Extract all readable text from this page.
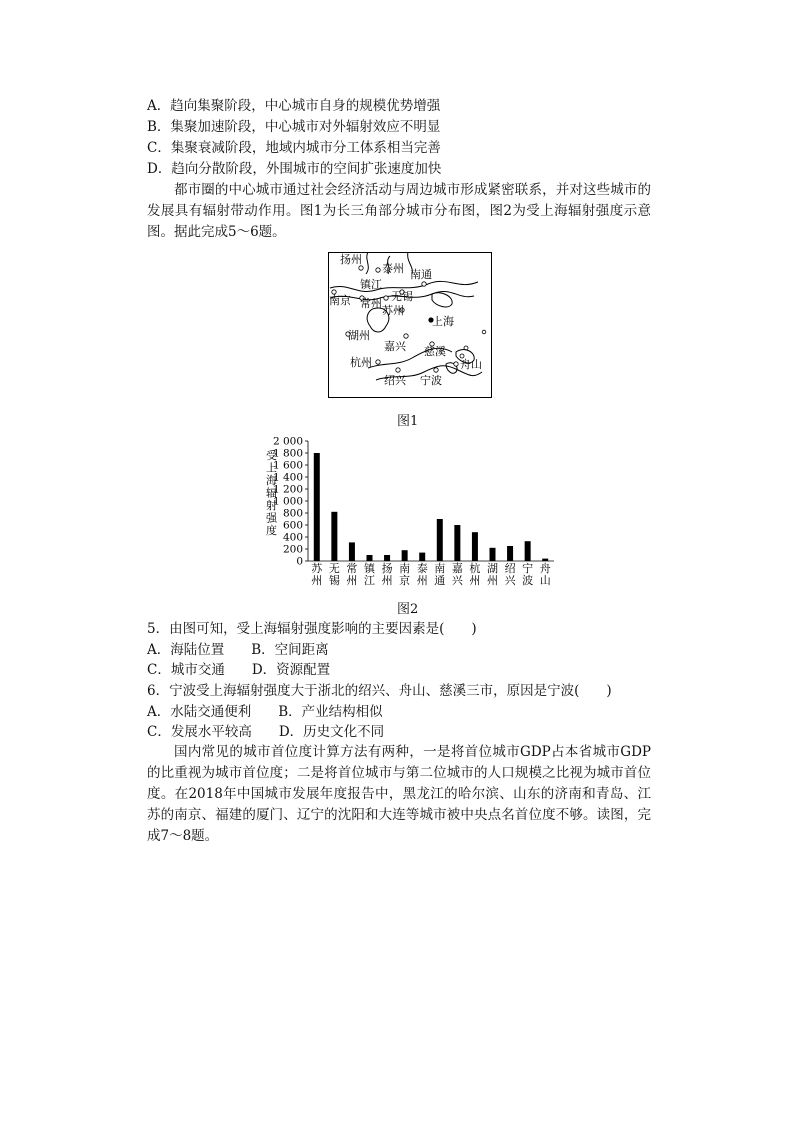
A．趋向集聚阶段，中心城市自身的规模优势增强
B．集聚加速阶段，中心城市对外辐射效应不明显
C．集聚衰减阶段，地域内城市分工体系相当完善
D．趋向分散阶段，外围城市的空间扩张速度加快

都市圈的中心城市通过社会经济活动与周边城市形成紧密联系，并对这些城市的发展具有辐射带动作用。图1为长三角部分城市分布图，图2为受上海辐射强度示意图。据此完成5～6题。

扬州
泰州 南通
镇江
南京 常州
无锡
苏州
上海
湖州
嘉兴 慈溪
杭州	舟山
绍兴 宁波
图1
受上海辐射强度
0
200
400
600
800
1 000
1 200
1 400
1 600
1 800
2 000
苏州
无锡
常州
镇江
扬州
南京
泰州
南通
嘉兴
杭州
湖州
绍兴
宁波
舟山
图2
5．由图可知，受上海辐射强度影响的主要因素是(　　)
A．海陆位置　　B．空间距离
C．城市交通　　D．资源配置
6．宁波受上海辐射强度大于浙北的绍兴、舟山、慈溪三市，原因是宁波(　　)
A．水陆交通便利　　B．产业结构相似
C．发展水平较高　　D．历史文化不同

国内常见的城市首位度计算方法有两种，一是将首位城市GDP占本省城市GDP的比重视为城市首位度；二是将首位城市与第二位城市的人口规模之比视为城市首位度。在2018年中国城市发展年度报告中，黑龙江的哈尔滨、山东的济南和青岛、江苏的南京、福建的厦门、辽宁的沈阳和大连等城市被中央点名首位度不够。读图，完成7～8题。
